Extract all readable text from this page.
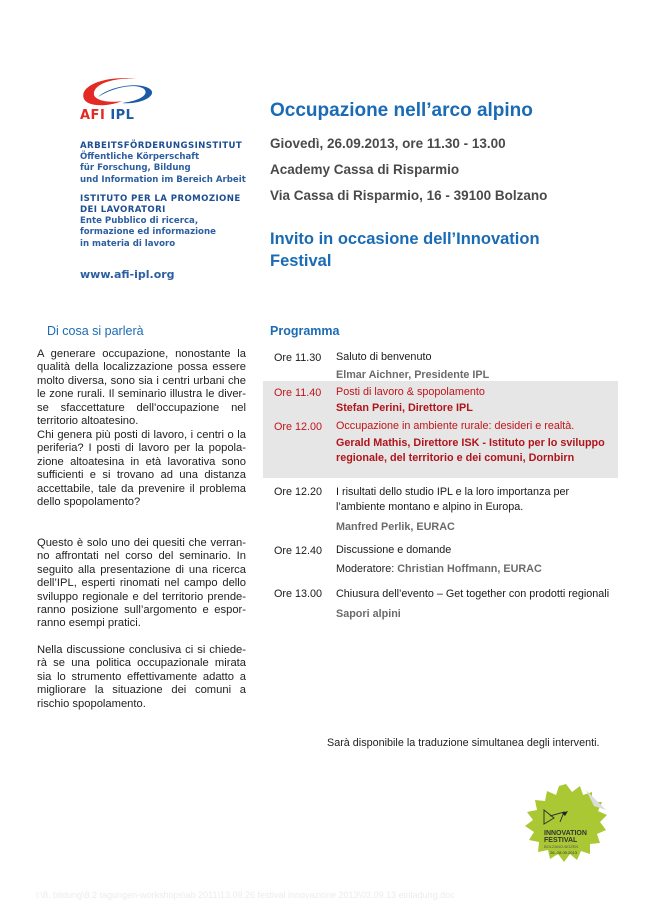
AFI IPL
ARBEITSFÖRDERUNGSINSTITUT
Öffentliche Körperschaft
für Forschung, Bildung
und Information im Bereich Arbeit
ISTITUTO PER LA PROMOZIONE
DEI LAVORATORI
Ente Pubblico di ricerca,
formazione ed informazione
in materia di lavoro
www.afi-ipl.org
Occupazione nell’arco alpino
Giovedì, 26.09.2013, ore 11.30 - 13.00
Academy Cassa di Risparmio
Via Cassa di Risparmio, 16 - 39100 Bolzano
Invito in occasione dell’Innovation Festival
Di cosa si parlerà
A generare occupazione, nonostante la qualità della localizzazione possa essere molto diversa, sono sia i centri urbani che le zone rurali. Il seminario illustra le diverse sfaccettature dell’occupazione nel territorio altoatesino.
Chi genera più posti di lavoro, i centri o la periferia? I posti di lavoro per la popolazione altoatesina in età lavorativa sono sufficienti e si trovano ad una distanza accettabile, tale da prevenire il problema dello spopolamento?
Questo è solo uno dei quesiti che verranno affrontati nel corso del seminario. In seguito alla presentazione di una ricerca dell’IPL, esperti rinomati nel campo dello sviluppo regionale e del territorio prenderanno posizione sull’argomento e esporranno esempi pratici.
Nella discussione conclusiva ci si chiederà se una politica occupazionale mirata sia lo strumento effettivamente adatto a migliorare la situazione dei comuni a rischio spopolamento.
Programma
Ore 11.30	Saluto di benvenuto
Elmar Aichner, Presidente IPL
Ore 11.40	Posti di lavoro & spopolamento
Stefan Perini, Direttore IPL
Ore 12.00	Occupazione in ambiente rurale: desideri e realtà.
Gerald Mathis, Direttore ISK - Istituto per lo sviluppo regionale, del territorio e dei comuni, Dornbirn
Ore 12.20	I risultati dello studio IPL e la loro importanza per l’ambiente montano e alpino in Europa.
Manfred Perlik, EURAC
Ore 12.40	Discussione e domande
Moderatore: Christian Hoffmann, EURAC
Ore 13.00	Chiusura dell’evento – Get together con prodotti regionali
Sapori alpini
Sarà disponibile la traduzione simultanea degli interventi.
INNOVATION
FESTIVAL
BOLZANO-BOZEN
26.-28.09.2013
i:\8. bildung\8.2 tagungen-workshops\ab 2011\13.09.26 festival innovazione 2013\03.09.13 einladung.doc
